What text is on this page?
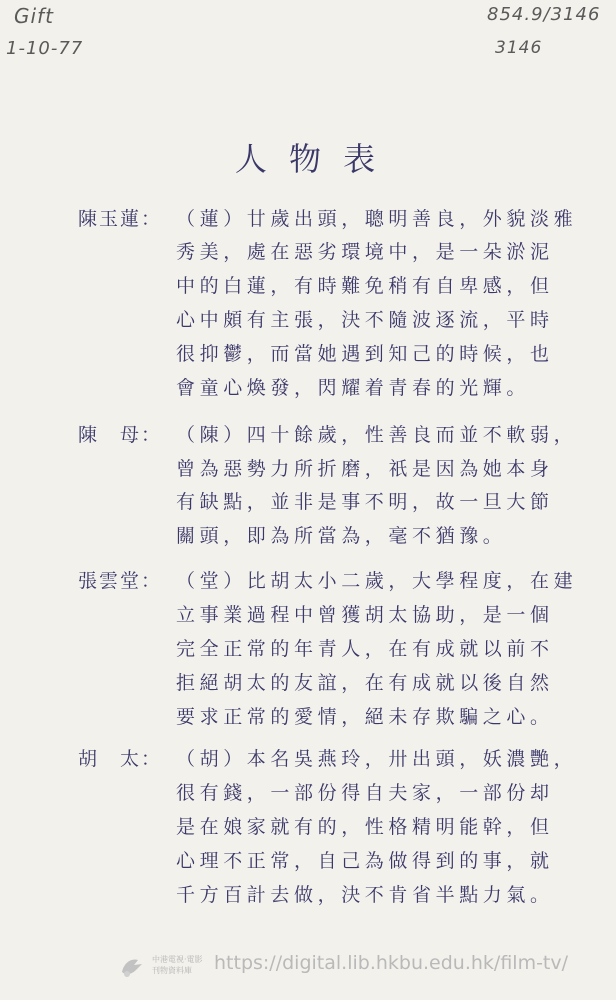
Gift
1-10-77
854.9/3146
3146
人 物 表
陳玉蓮： （蓮）廿歲出頭，聰明善良，外貌淡雅
秀美，處在惡劣環境中，是一朵淤泥
中的白蓮，有時難免稍有自卑感，但
心中頗有主張，決不隨波逐流，平時
很抑鬱，而當她遇到知己的時候，也
會童心煥發，閃耀着青春的光輝。
陳　母： （陳）四十餘歲，性善良而並不軟弱，
曾為惡勢力所折磨，祇是因為她本身
有缺點，並非是事不明，故一旦大節
關頭，即為所當為，毫不猶豫。
張雲堂： （堂）比胡太小二歲，大學程度，在建
立事業過程中曾獲胡太協助，是一個
完全正常的年青人，在有成就以前不
拒絕胡太的友誼，在有成就以後自然
要求正常的愛情，絕未存欺騙之心。
胡　太： （胡）本名吳燕玲，卅出頭，妖濃艷，
很有錢，一部份得自夫家，一部份却
是在娘家就有的，性格精明能幹，但
心理不正常，自己為做得到的事，就
千方百計去做，決不肯省半點力氣。
中港電視‧電影
刊物資料庫	https://digital.lib.hkbu.edu.hk/film-tv/
